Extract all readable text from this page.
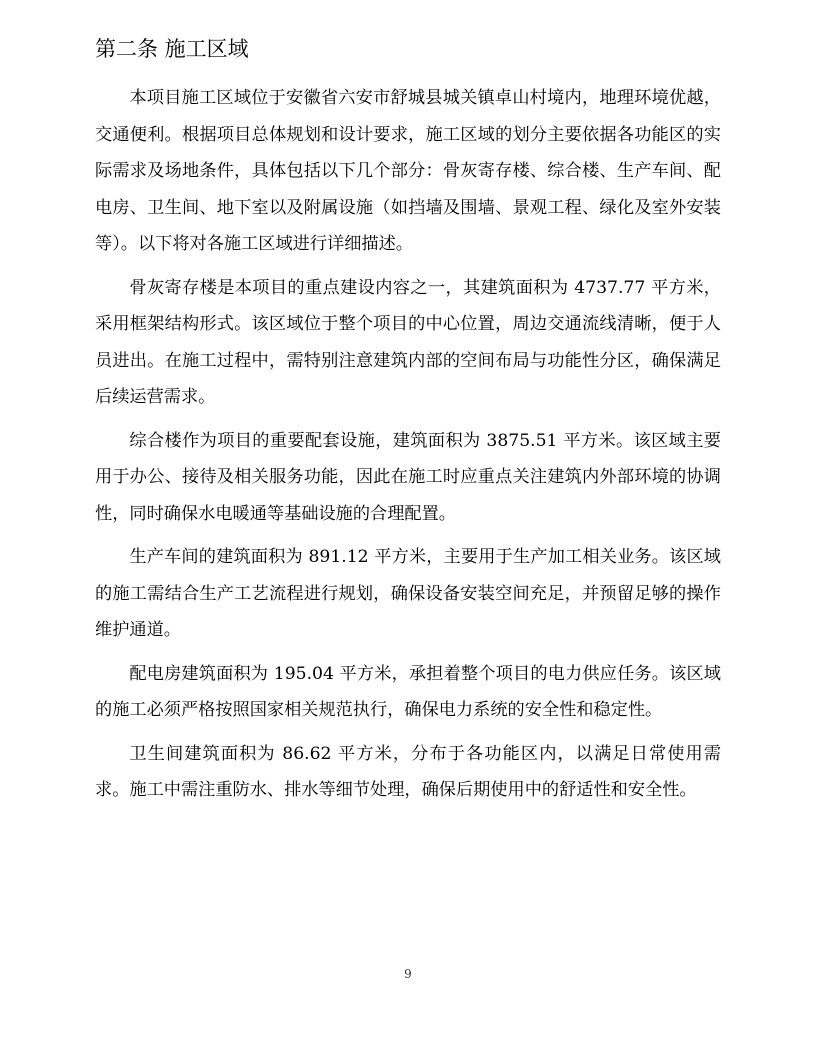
第二条 施工区域

本项目施工区域位于安徽省六安市舒城县城关镇卓山村境内，地理环境优越，交通便利。根据项目总体规划和设计要求，施工区域的划分主要依据各功能区的实际需求及场地条件，具体包括以下几个部分：骨灰寄存楼、综合楼、生产车间、配电房、卫生间、地下室以及附属设施（如挡墙及围墙、景观工程、绿化及室外安装等）。以下将对各施工区域进行详细描述。

骨灰寄存楼是本项目的重点建设内容之一，其建筑面积为 4737.77 平方米，采用框架结构形式。该区域位于整个项目的中心位置，周边交通流线清晰，便于人员进出。在施工过程中，需特别注意建筑内部的空间布局与功能性分区，确保满足后续运营需求。

综合楼作为项目的重要配套设施，建筑面积为 3875.51 平方米。该区域主要用于办公、接待及相关服务功能，因此在施工时应重点关注建筑内外部环境的协调性，同时确保水电暖通等基础设施的合理配置。

生产车间的建筑面积为 891.12 平方米，主要用于生产加工相关业务。该区域的施工需结合生产工艺流程进行规划，确保设备安装空间充足，并预留足够的操作维护通道。

配电房建筑面积为 195.04 平方米，承担着整个项目的电力供应任务。该区域的施工必须严格按照国家相关规范执行，确保电力系统的安全性和稳定性。

卫生间建筑面积为 86.62 平方米，分布于各功能区内，以满足日常使用需求。施工中需注重防水、排水等细节处理，确保后期使用中的舒适性和安全性。

9
